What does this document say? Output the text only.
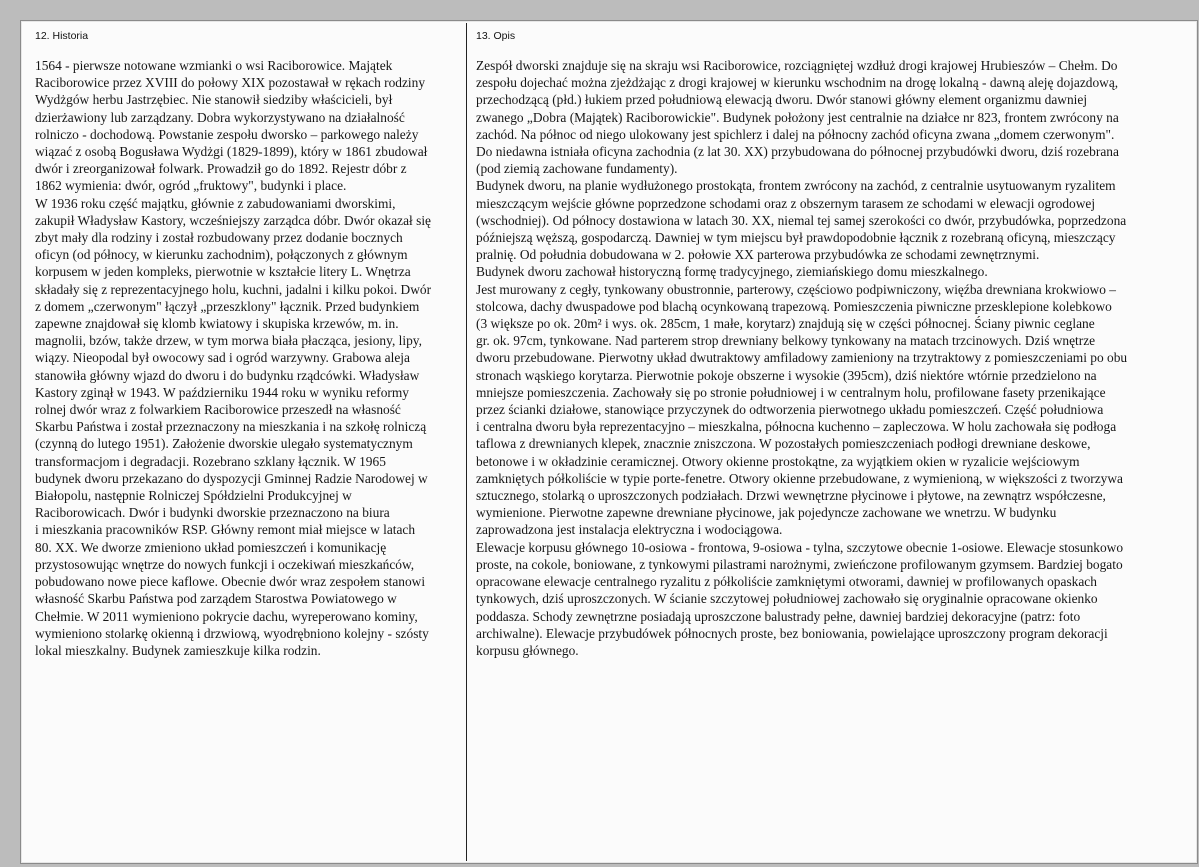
12. Historia
1564 - pierwsze notowane wzmianki o wsi Raciborowice. Majątek
Raciborowice przez XVIII do połowy XIX pozostawał w rękach rodziny
Wydżgów herbu Jastrzębiec. Nie stanowił siedziby właścicieli, był
dzierżawiony lub zarządzany. Dobra wykorzystywano na działalność
rolniczo - dochodową. Powstanie zespołu dworsko – parkowego należy
wiązać z osobą Bogusława Wydżgi (1829-1899), który w 1861 zbudował
dwór i zreorganizował folwark. Prowadził go do 1892. Rejestr dóbr z
1862 wymienia: dwór, ogród „fruktowy", budynki i place.
W 1936 roku część majątku, głównie z zabudowaniami dworskimi,
zakupił Władysław Kastory, wcześniejszy zarządca dóbr. Dwór okazał się
zbyt mały dla rodziny i został rozbudowany przez dodanie bocznych
oficyn (od północy, w kierunku zachodnim), połączonych z głównym
korpusem w jeden kompleks, pierwotnie w kształcie litery L. Wnętrza
składały się z reprezentacyjnego holu, kuchni, jadalni i kilku pokoi. Dwór
z domem „czerwonym" łączył „przeszklony" łącznik. Przed budynkiem
zapewne znajdował się klomb kwiatowy i skupiska krzewów, m. in.
magnolii, bzów, także drzew, w tym morwa biała płacząca, jesiony, lipy,
wiązy. Nieopodal był owocowy sad i ogród warzywny. Grabowa aleja
stanowiła główny wjazd do dworu i do budynku rządcówki. Władysław
Kastory zginął w 1943. W październiku 1944 roku w wyniku reformy
rolnej dwór wraz z folwarkiem Raciborowice przeszedł na własność
Skarbu Państwa i został przeznaczony na mieszkania i na szkołę rolniczą
(czynną do lutego 1951). Założenie dworskie ulegało systematycznym
transformacjom i degradacji. Rozebrano szklany łącznik. W 1965
budynek dworu przekazano do dyspozycji Gminnej Radzie Narodowej w
Białopolu, następnie Rolniczej Spółdzielni Produkcyjnej w
Raciborowicach. Dwór i budynki dworskie przeznaczono na biura
i mieszkania pracowników RSP. Główny remont miał miejsce w latach
80. XX. We dworze zmieniono układ pomieszczeń i komunikację
przystosowując wnętrze do nowych funkcji i oczekiwań mieszkańców,
pobudowano nowe piece kaflowe. Obecnie dwór wraz zespołem stanowi
własność Skarbu Państwa pod zarządem Starostwa Powiatowego w
Chełmie. W 2011 wymieniono pokrycie dachu, wyreperowano kominy,
wymieniono stolarkę okienną i drzwiową, wyodrębniono kolejny - szósty
lokal mieszkalny. Budynek zamieszkuje kilka rodzin.
13. Opis
Zespół dworski znajduje się na skraju wsi Raciborowice, rozciągniętej wzdłuż drogi krajowej Hrubieszów – Chełm. Do
zespołu dojechać można zjeżdżając z drogi krajowej w kierunku wschodnim na drogę lokalną - dawną aleję dojazdową,
przechodzącą (płd.) łukiem przed południową elewacją dworu. Dwór stanowi główny element organizmu dawniej
zwanego „Dobra (Majątek) Raciborowickie". Budynek położony jest centralnie na działce nr 823, frontem zwrócony na
zachód. Na północ od niego ulokowany jest spichlerz i dalej na północny zachód oficyna zwana „domem czerwonym".
Do niedawna istniała oficyna zachodnia (z lat 30. XX) przybudowana do północnej przybudówki dworu, dziś rozebrana
(pod ziemią zachowane fundamenty).
Budynek dworu, na planie wydłużonego prostokąta, frontem zwrócony na zachód, z centralnie usytuowanym ryzalitem
mieszczącym wejście główne poprzedzone schodami oraz z obszernym tarasem ze schodami w elewacji ogrodowej
(wschodniej). Od północy dostawiona w latach 30. XX, niemal tej samej szerokości co dwór, przybudówka, poprzedzona
późniejszą węższą, gospodarczą. Dawniej w tym miejscu był prawdopodobnie łącznik z rozebraną oficyną, mieszczący
pralnię. Od południa dobudowana w 2. połowie XX parterowa przybudówka ze schodami zewnętrznymi.
Budynek dworu zachował historyczną formę tradycyjnego, ziemiańskiego domu mieszkalnego.
Jest murowany z cegły, tynkowany obustronnie, parterowy, częściowo podpiwniczony, więźba drewniana krokwiowo –
stolcowa, dachy dwuspadowe pod blachą ocynkowaną trapezową. Pomieszczenia piwniczne przesklepione kolebkowo
(3 większe po ok. 20m² i wys. ok. 285cm, 1 małe, korytarz) znajdują się w części północnej. Ściany piwnic ceglane
gr. ok. 97cm, tynkowane. Nad parterem strop drewniany belkowy tynkowany na matach trzcinowych. Dziś wnętrze
dworu przebudowane. Pierwotny układ dwutraktowy amfiladowy zamieniony na trzytraktowy z pomieszczeniami po obu
stronach wąskiego korytarza. Pierwotnie pokoje obszerne i wysokie (395cm), dziś niektóre wtórnie przedzielono na
mniejsze pomieszczenia. Zachowały się po stronie południowej i w centralnym holu, profilowane fasety przenikające
przez ścianki działowe, stanowiące przyczynek do odtworzenia pierwotnego układu pomieszczeń. Część południowa
i centralna dworu była reprezentacyjno – mieszkalna, północna kuchenno – zapleczowa. W holu zachowała się podłoga
taflowa z drewnianych klepek, znacznie zniszczona. W pozostałych pomieszczeniach podłogi drewniane deskowe,
betonowe i w okładzinie ceramicznej. Otwory okienne prostokątne, za wyjątkiem okien w ryzalicie wejściowym
zamkniętych półkoliście w typie porte-fenetre. Otwory okienne przebudowane, z wymienioną, w większości z tworzywa
sztucznego, stolarką o uproszczonych podziałach. Drzwi wewnętrzne płycinowe i płytowe, na zewnątrz współczesne,
wymienione. Pierwotne zapewne drewniane płycinowe, jak pojedyncze zachowane we wnetrzu. W budynku
zaprowadzona jest instalacja elektryczna i wodociągowa.
Elewacje korpusu głównego 10-osiowa - frontowa, 9-osiowa - tylna, szczytowe obecnie 1-osiowe. Elewacje stosunkowo
proste, na cokole, boniowane, z tynkowymi pilastrami narożnymi, zwieńczone profilowanym gzymsem. Bardziej bogato
opracowane elewacje centralnego ryzalitu z półkoliście zamkniętymi otworami, dawniej w profilowanych opaskach
tynkowych, dziś uproszczonych. W ścianie szczytowej południowej zachowało się oryginalnie opracowane okienko
poddasza. Schody zewnętrzne posiadają uproszczone balustrady pełne, dawniej bardziej dekoracyjne (patrz: foto
archiwalne). Elewacje przybudówek północnych proste, bez boniowania, powielające uproszczony program dekoracji
korpusu głównego.
